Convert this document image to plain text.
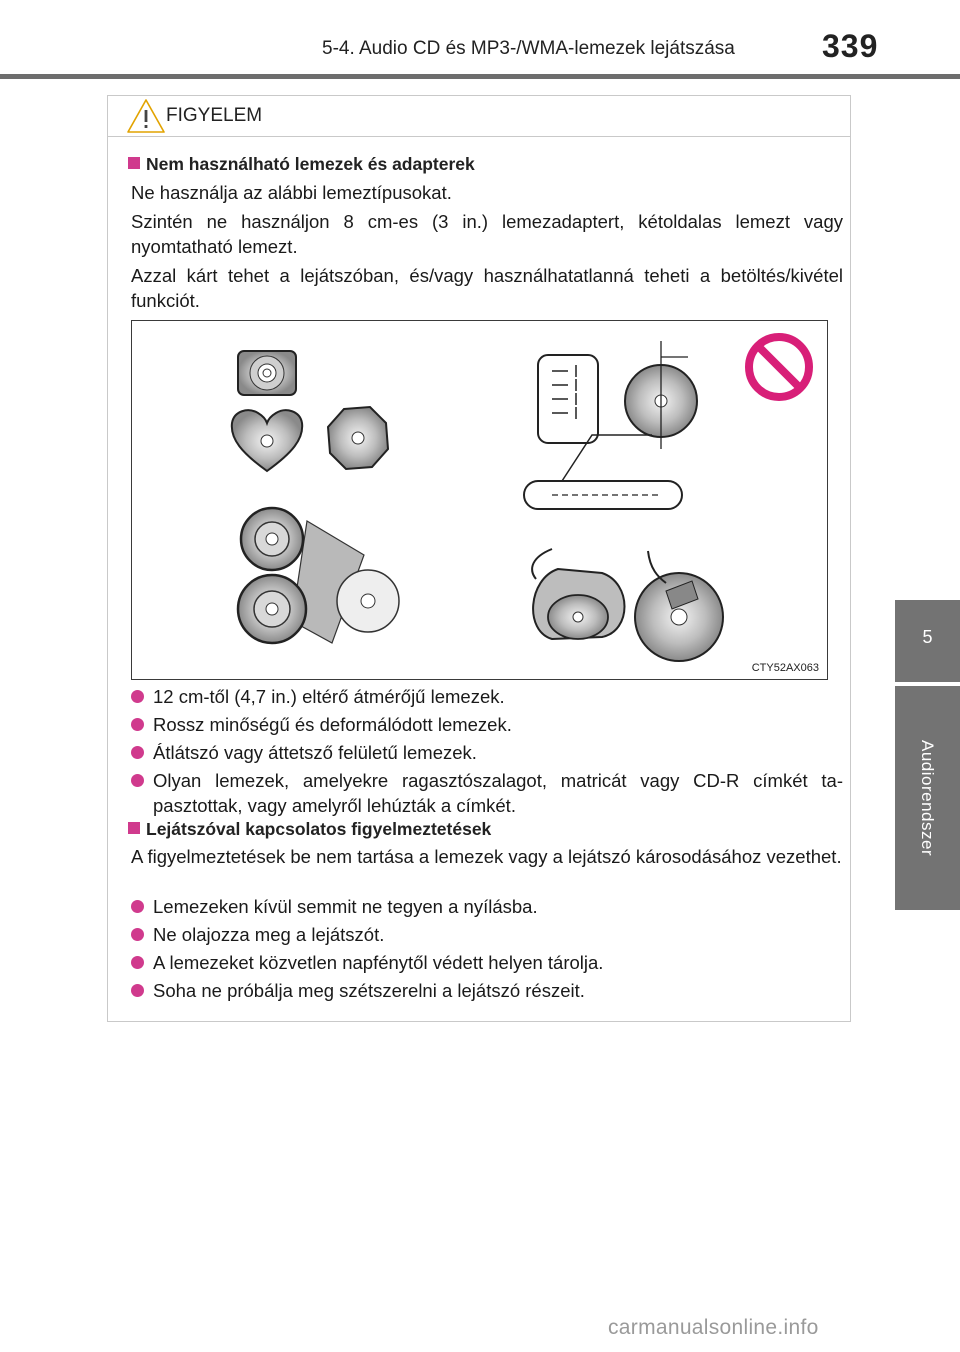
5-4. Audio CD és MP3-/WMA-lemezek lejátszása	339
5
Audiorendszer
FIGYELEM
Nem használható lemezek és adapterek
Ne használja az alábbi lemeztípusokat.
Szintén ne használjon 8 cm-es (3 in.) lemezadaptert, kétoldalas lemezt vagy nyomtatható lemezt.
Azzal kárt tehet a lejátszóban, és/vagy használhatatlanná teheti a betöltés/kivétel funkciót.
CTY52AX063
12 cm-től (4,7 in.) eltérő átmérőjű lemezek.
Rossz minőségű és deformálódott lemezek.
Átlátszó vagy áttetsző felületű lemezek.
Olyan lemezek, amelyekre ragasztószalagot, matricát vagy CD-R címkét tapasztottak, vagy amelyről lehúzták a címkét.
Lejátszóval kapcsolatos figyelmeztetések
A figyelmeztetések be nem tartása a lemezek vagy a lejátszó károsodásához vezethet.
Lemezeken kívül semmit ne tegyen a nyílásba.
Ne olajozza meg a lejátszót.
A lemezeket közvetlen napfénytől védett helyen tárolja.
Soha ne próbálja meg szétszerelni a lejátszó részeit.
carmanualsonline.info
